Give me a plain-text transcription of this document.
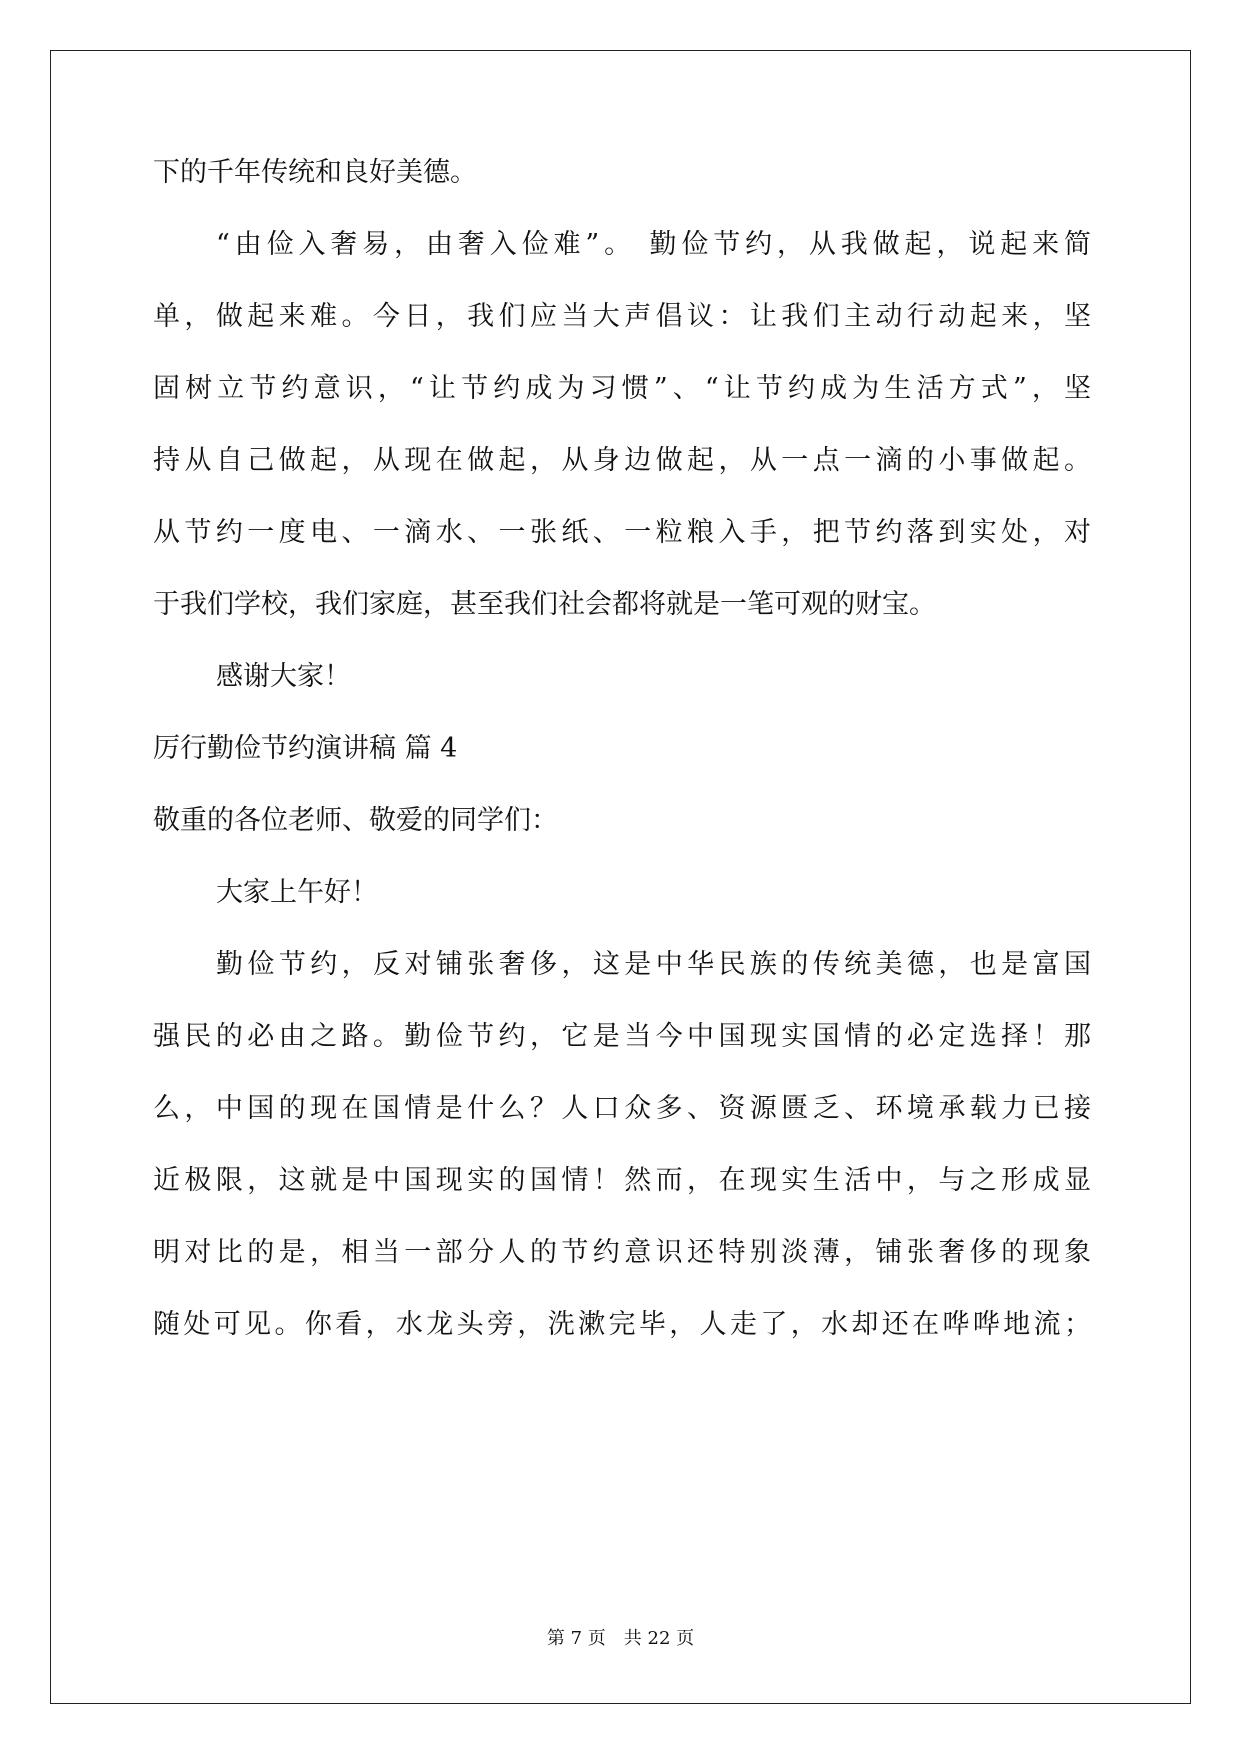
下的千年传统和良好美德。
“由俭入奢易，由奢入俭难”。 勤俭节约，从我做起，说起来简
单，做起来难。今日，我们应当大声倡议：让我们主动行动起来，坚
固树立节约意识，“让节约成为习惯”、“让节约成为生活方式”，坚
持从自己做起，从现在做起，从身边做起，从一点一滴的小事做起。
从节约一度电、一滴水、一张纸、一粒粮入手，把节约落到实处，对
于我们学校，我们家庭，甚至我们社会都将就是一笔可观的财宝。
感谢大家！
厉行勤俭节约演讲稿 篇 4
敬重的各位老师、敬爱的同学们：
大家上午好！
勤俭节约，反对铺张奢侈，这是中华民族的传统美德，也是富国
强民的必由之路。勤俭节约，它是当今中国现实国情的必定选择！那
么，中国的现在国情是什么？人口众多、资源匮乏、环境承载力已接
近极限，这就是中国现实的国情！然而，在现实生活中，与之形成显
明对比的是，相当一部分人的节约意识还特别淡薄，铺张奢侈的现象
随处可见。你看，水龙头旁，洗漱完毕，人走了，水却还在哗哗地流；
第 7 页　共 22 页
